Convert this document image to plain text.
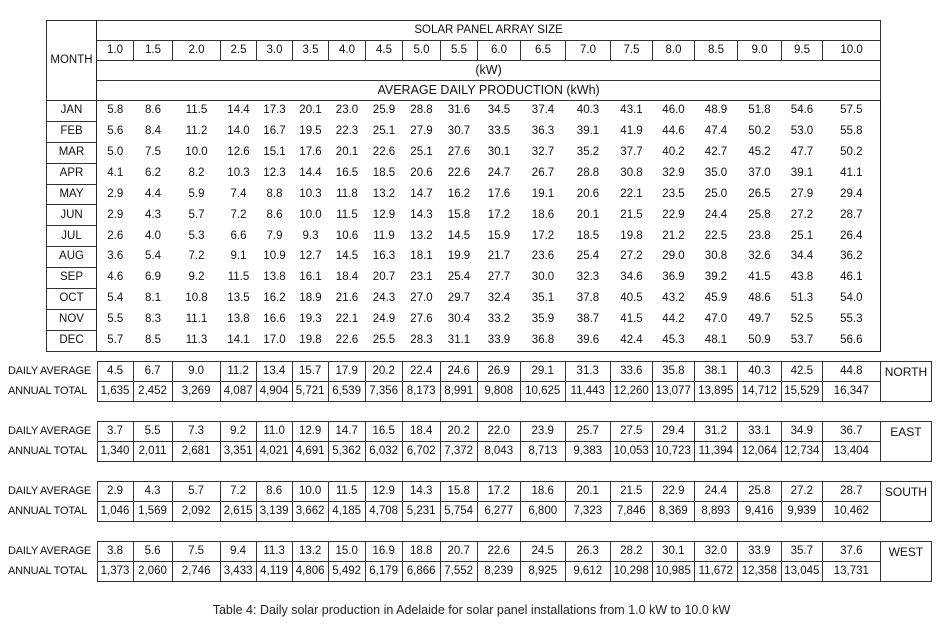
MONTH	SOLAR PANEL ARRAY SIZE																		
	1.0	1.5	2.0	2.5	3.0	3.5	4.0	4.5	5.0	5.5	6.0	6.5	7.0	7.5	8.0	8.5	9.0	9.5	10.0
	(kW)																		
	AVERAGE DAILY PRODUCTION (kWh)																		
JAN	5.8	8.6	11.5	14.4	17.3	20.1	23.0	25.9	28.8	31.6	34.5	37.4	40.3	43.1	46.0	48.9	51.8	54.6	57.5
FEB	5.6	8.4	11.2	14.0	16.7	19.5	22.3	25.1	27.9	30.7	33.5	36.3	39.1	41.9	44.6	47.4	50.2	53.0	55.8
MAR	5.0	7.5	10.0	12.6	15.1	17.6	20.1	22.6	25.1	27.6	30.1	32.7	35.2	37.7	40.2	42.7	45.2	47.7	50.2
APR	4.1	6.2	8.2	10.3	12.3	14.4	16.5	18.5	20.6	22.6	24.7	26.7	28.8	30.8	32.9	35.0	37.0	39.1	41.1
MAY	2.9	4.4	5.9	7.4	8.8	10.3	11.8	13.2	14.7	16.2	17.6	19.1	20.6	22.1	23.5	25.0	26.5	27.9	29.4
JUN	2.9	4.3	5.7	7.2	8.6	10.0	11.5	12.9	14.3	15.8	17.2	18.6	20.1	21.5	22.9	24.4	25.8	27.2	28.7
JUL	2.6	4.0	5.3	6.6	7.9	9.3	10.6	11.9	13.2	14.5	15.9	17.2	18.5	19.8	21.2	22.5	23.8	25.1	26.4
AUG	3.6	5.4	7.2	9.1	10.9	12.7	14.5	16.3	18.1	19.9	21.7	23.6	25.4	27.2	29.0	30.8	32.6	34.4	36.2
SEP	4.6	6.9	9.2	11.5	13.8	16.1	18.4	20.7	23.1	25.4	27.7	30.0	32.3	34.6	36.9	39.2	41.5	43.8	46.1
OCT	5.4	8.1	10.8	13.5	16.2	18.9	21.6	24.3	27.0	29.7	32.4	35.1	37.8	40.5	43.2	45.9	48.6	51.3	54.0
NOV	5.5	8.3	11.1	13.8	16.6	19.3	22.1	24.9	27.6	30.4	33.2	35.9	38.7	41.5	44.2	47.0	49.7	52.5	55.3
DEC	5.7	8.5	11.3	14.1	17.0	19.8	22.6	25.5	28.3	31.1	33.9	36.8	39.6	42.4	45.3	48.1	50.9	53.7	56.6
DAILY AVERAGE	4.5	6.7	9.0	11.2	13.4	15.7	17.9	20.2	22.4	24.6	26.9	29.1	31.3	33.6	35.8	38.1	40.3	42.5	44.8	NORTH
ANNUAL TOTAL	1,635	2,452	3,269	4,087	4,904	5,721	6,539	7,356	8,173	8,991	9,808	10,625	11,443	12,260	13,077	13,895	14,712	15,529	16,347	
DAILY AVERAGE	3.7	5.5	7.3	9.2	11.0	12.9	14.7	16.5	18.4	20.2	22.0	23.9	25.7	27.5	29.4	31.2	33.1	34.9	36.7	EAST
ANNUAL TOTAL	1,340	2,011	2,681	3,351	4,021	4,691	5,362	6,032	6,702	7,372	8,043	8,713	9,383	10,053	10,723	11,394	12,064	12,734	13,404	
DAILY AVERAGE	2.9	4.3	5.7	7.2	8.6	10.0	11.5	12.9	14.3	15.8	17.2	18.6	20.1	21.5	22.9	24.4	25.8	27.2	28.7	SOUTH
ANNUAL TOTAL	1,046	1,569	2,092	2,615	3,139	3,662	4,185	4,708	5,231	5,754	6,277	6,800	7,323	7,846	8,369	8,893	9,416	9,939	10,462	
DAILY AVERAGE	3.8	5.6	7.5	9.4	11.3	13.2	15.0	16.9	18.8	20.7	22.6	24.5	26.3	28.2	30.1	32.0	33.9	35.7	37.6	WEST
ANNUAL TOTAL	1,373	2,060	2,746	3,433	4,119	4,806	5,492	6,179	6,866	7,552	8,239	8,925	9,612	10,298	10,985	11,672	12,358	13,045	13,731	
Table 4: Daily solar production in Adelaide for solar panel installations from 1.0 kW to 10.0 kW
